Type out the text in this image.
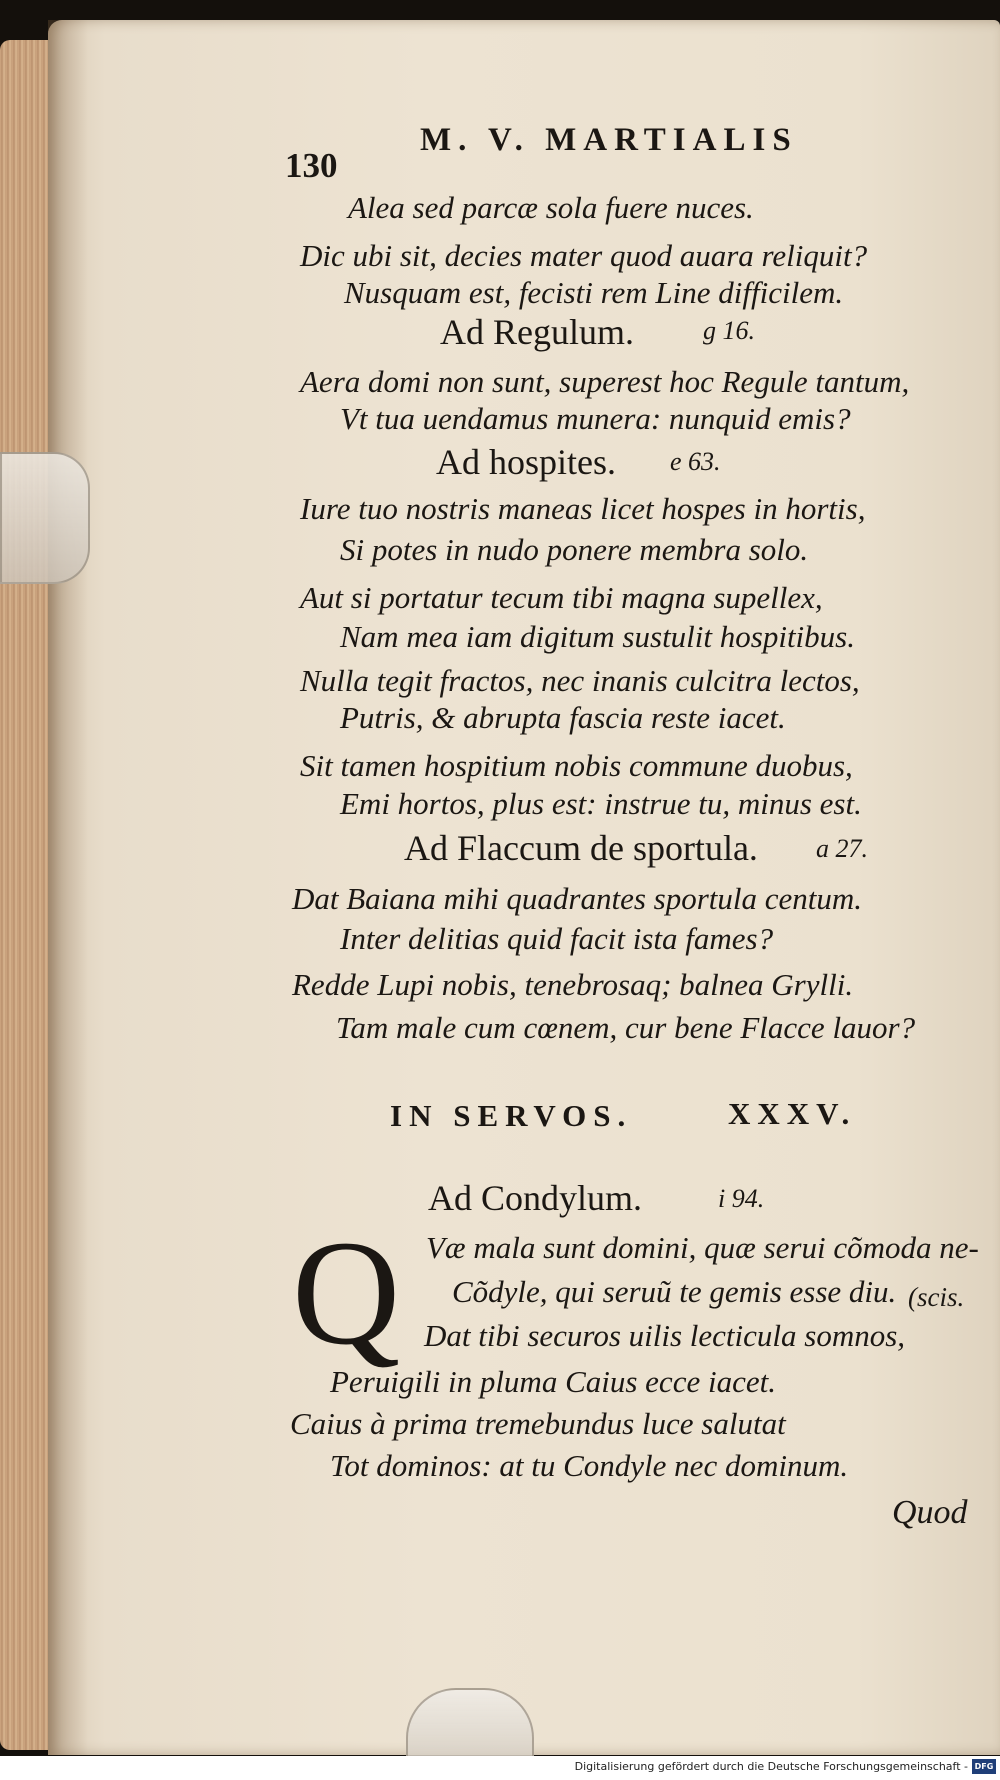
130
M. V. MARTIALIS
Alea sed parcæ sola fuere nuces.
Dic ubi sit, decies mater quod auara reliquit?
Nusquam est, fecisti rem Line difficilem.
Ad Regulum.	g 16.
Aera domi non sunt, superest hoc Regule tantum,
Vt tua uendamus munera: nunquid emis?
Ad hospites. e 63.
Iure tuo nostris maneas licet hospes in hortis,
Si potes in nudo ponere membra solo.
Aut si portatur tecum tibi magna supellex,
Nam mea iam digitum sustulit hospitibus.
Nulla tegit fractos, nec inanis culcitra lectos,
Putris, & abrupta fascia reste iacet.
Sit tamen hospitium nobis commune duobus,
Emi hortos, plus est: instrue tu, minus est.
Ad Flaccum de sportula. a 27.
Dat Baiana mihi quadrantes sportula centum.
Inter delitias quid facit ista fames?
Redde Lupi nobis, tenebrosaq; balnea Grylli.
Tam male cum cœnem, cur bene Flacce lauor?
IN SERVOS.	XXXV.
Ad Condylum.	i 94.
Q Væ mala sunt domini, quæ serui cõmoda ne-
Cõdyle, qui seruũ te gemis esse diu. (scis.
Dat tibi securos uilis lecticula somnos,
Peruigili in pluma Caius ecce iacet.
Caius à prima tremebundus luce salutat
Tot dominos: at tu Condyle nec dominum.
Quod
Digitalisierung gefördert durch die Deutsche Forschungsgemeinschaft - DFG
